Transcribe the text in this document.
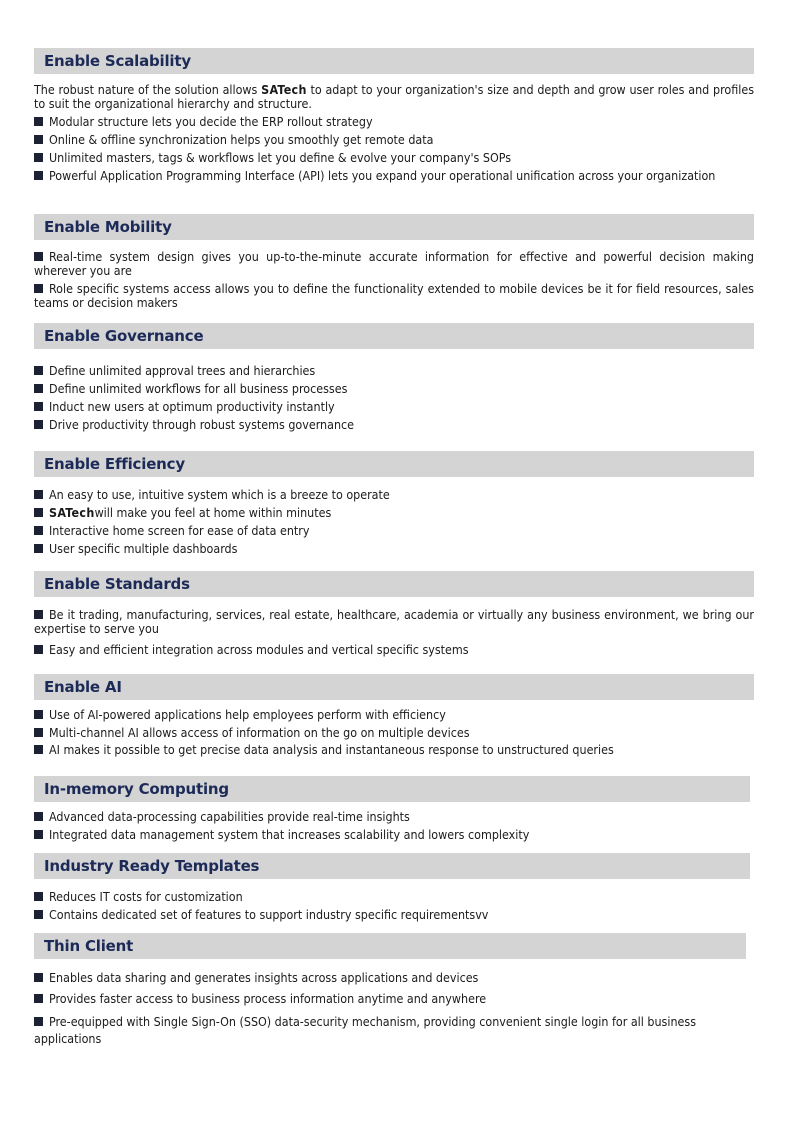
Enable Scalability
The robust nature of the solution allows SATech to adapt to your organization's size and depth and grow user roles and profiles to suit the organizational hierarchy and structure.
Modular structure lets you decide the ERP rollout strategy
Online & offline synchronization helps you smoothly get remote data
Unlimited masters, tags & workflows let you define & evolve your company's SOPs
Powerful Application Programming Interface (API) lets you expand your operational unification across your organization
Enable Mobility
Real-time system design gives you up-to-the-minute accurate information for effective and powerful decision making wherever you are
Role specific systems access allows you to define the functionality extended to mobile devices be it for field resources, sales teams or decision makers
Enable Governance
Define unlimited approval trees and hierarchies
Define unlimited workflows for all business processes
Induct new users at optimum productivity instantly
Drive productivity through robust systems governance
Enable Efficiency
An easy to use, intuitive system which is a breeze to operate
SATechwill make you feel at home within minutes
Interactive home screen for ease of data entry
User specific multiple dashboards
Enable Standards
Be it trading, manufacturing, services, real estate, healthcare, academia or virtually any business environment, we bring our expertise to serve you
Easy and efficient integration across modules and vertical specific systems
Enable AI
Use of AI-powered applications help employees perform with efficiency
Multi-channel AI allows access of information on the go on multiple devices
AI makes it possible to get precise data analysis and instantaneous response to unstructured queries
In-memory Computing
Advanced data-processing capabilities provide real-time insights
Integrated data management system that increases scalability and lowers complexity
Industry Ready Templates
Reduces IT costs for customization
Contains dedicated set of features to support industry specific requirementsvv
Thin Client
Enables data sharing and generates insights across applications and devices
Provides faster access to business process information anytime and anywhere
Pre-equipped with Single Sign-On (SSO) data-security mechanism, providing convenient single login for all business applications
